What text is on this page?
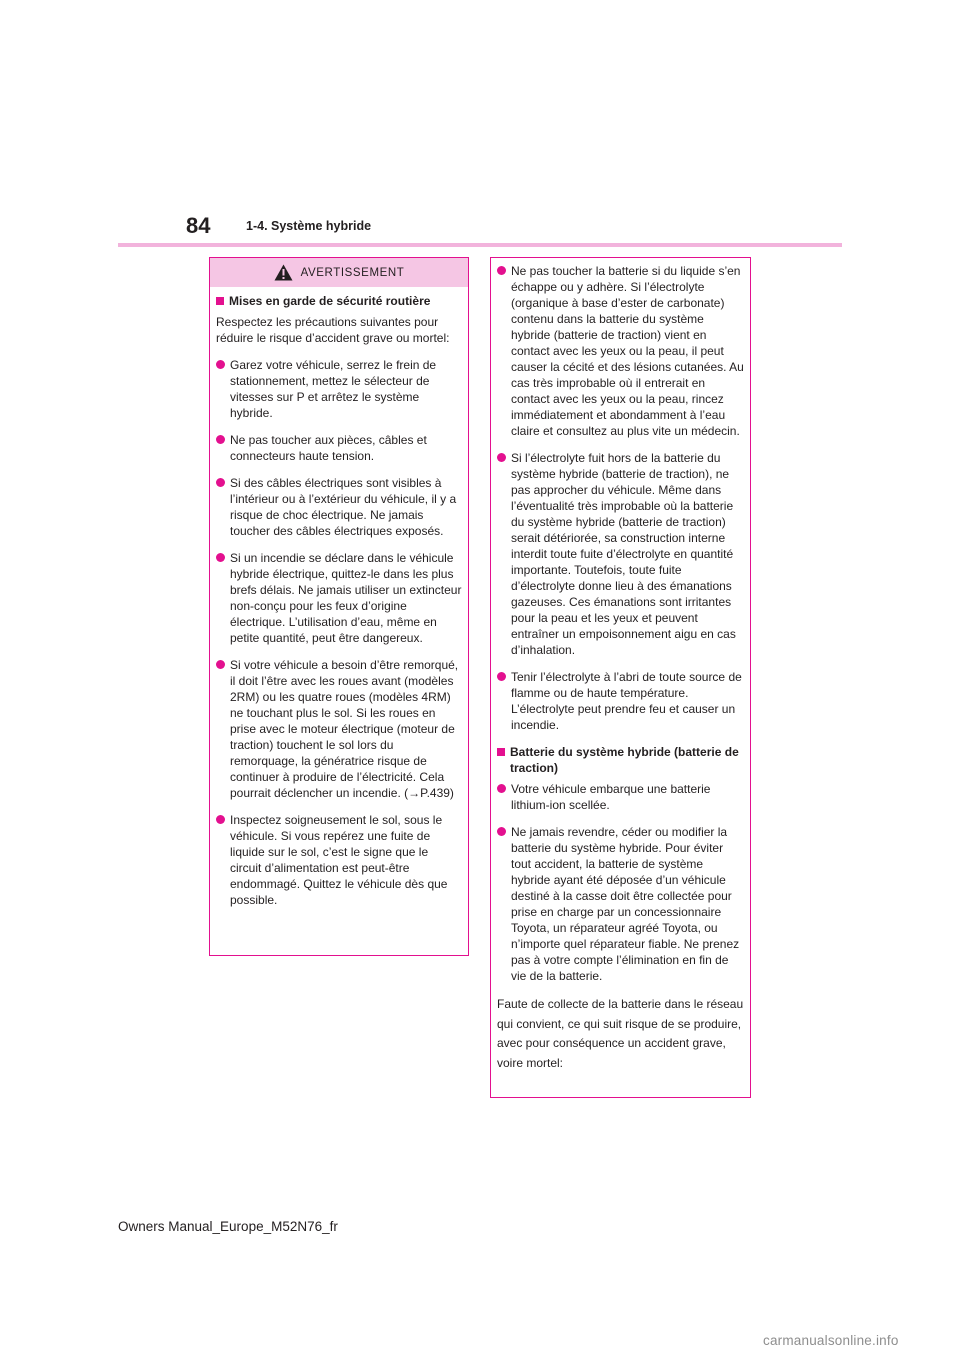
84	1-4. Système hybride
AVERTISSEMENT
Mises en garde de sécurité routière

Respectez les précautions suivantes pour réduire le risque d’accident grave ou mortel:

Garez votre véhicule, serrez le frein de stationnement, mettez le sélecteur de vitesses sur P et arrêtez le système hybride.
Ne pas toucher aux pièces, câbles et connecteurs haute tension.
Si des câbles électriques sont visibles à l’intérieur ou à l’extérieur du véhicule, il y a risque de choc électrique. Ne jamais toucher des câbles électriques exposés.
Si un incendie se déclare dans le véhicule hybride électrique, quittez-le dans les plus brefs délais. Ne jamais utiliser un extincteur non-conçu pour les feux d’origine électrique. L’utilisation d’eau, même en petite quantité, peut être dangereux.
Si votre véhicule a besoin d’être remorqué, il doit l’être avec les roues avant (modèles 2RM) ou les quatre roues (modèles 4RM) ne touchant plus le sol. Si les roues en prise avec le moteur électrique (moteur de traction) touchent le sol lors du remorquage, la génératrice risque de continuer à produire de l’électricité. Cela pourrait déclencher un incendie. (→P.439)
Inspectez soigneusement le sol, sous le véhicule. Si vous repérez une fuite de liquide sur le sol, c’est le signe que le circuit d’alimentation est peut-être endommagé. Quittez le véhicule dès que possible.
Ne pas toucher la batterie si du liquide s’en échappe ou y adhère. Si l’électrolyte (organique à base d’ester de carbonate) contenu dans la batterie du système hybride (batterie de traction) vient en contact avec les yeux ou la peau, il peut causer la cécité et des lésions cutanées. Au cas très improbable où il entrerait en contact avec les yeux ou la peau, rincez immédiatement et abondamment à l’eau claire et consultez au plus vite un médecin.
Si l’électrolyte fuit hors de la batterie du système hybride (batterie de traction), ne pas approcher du véhicule. Même dans l’éventualité très improbable où la batterie du système hybride (batterie de traction) serait détériorée, sa construction interne interdit toute fuite d’électrolyte en quantité importante. Toutefois, toute fuite d’électrolyte donne lieu à des émanations gazeuses. Ces émanations sont irritantes pour la peau et les yeux et peuvent entraîner un empoisonnement aigu en cas d’inhalation.
Tenir l’électrolyte à l’abri de toute source de flamme ou de haute température. L’électrolyte peut prendre feu et causer un incendie.
Batterie du système hybride (batterie de traction)
Votre véhicule embarque une batterie lithium-ion scellée.
Ne jamais revendre, céder ou modifier la batterie du système hybride. Pour éviter tout accident, la batterie de système hybride ayant été déposée d’un véhicule destiné à la casse doit être collectée pour prise en charge par un concessionnaire Toyota, un réparateur agréé Toyota, ou n’importe quel réparateur fiable. Ne prenez pas à votre compte l’élimination en fin de vie de la batterie.

Faute de collecte de la batterie dans le réseau qui convient, ce qui suit risque de se produire, avec pour conséquence un accident grave, voire mortel:

Owners Manual_Europe_M52N76_fr
carmanualsonline.info
